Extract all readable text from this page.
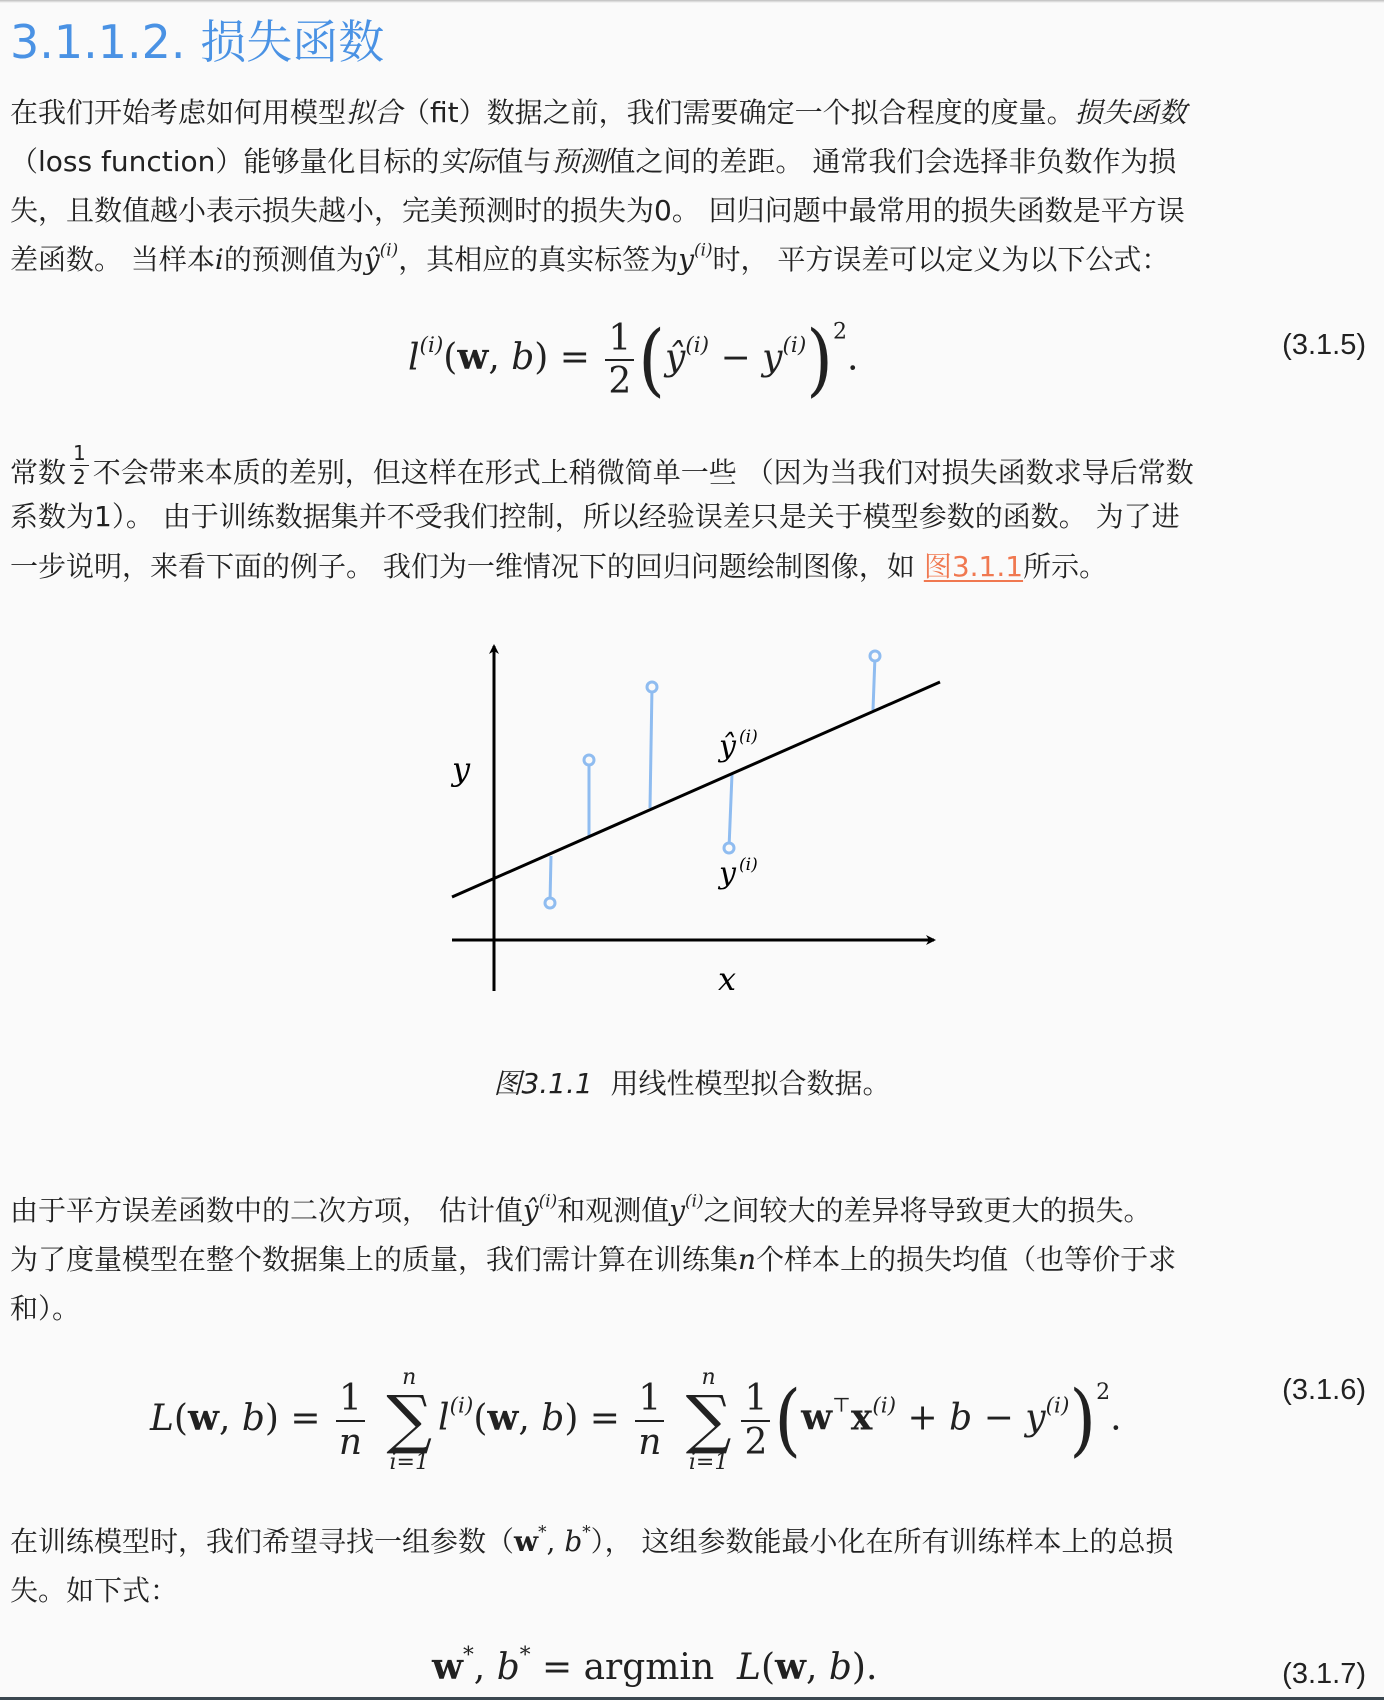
3.1.1.2. 损失函数
在我们开始考虑如何用模型拟合（fit）数据之前，我们需要确定一个拟合程度的度量。损失函数
（loss function）能够量化目标的实际值与预测值之间的差距。 通常我们会选择非负数作为损
失，且数值越小表示损失越小，完美预测时的损失为0。 回归问题中最常用的损失函数是平方误
差函数。 当样本i的预测值为$ŷ^{(i)}$，其相应的真实标签为$y^{(i)}$时， 平方误差可以定义为以下公式：
$l^{(i)}(w$, $b) = \frac{1}{2}$ $(ŷ^{(i)} - y^{(i)})^2$.	(3.1.5)
常数 $\frac{1}{2}$ 不会带来本质的差别，但这样在形式上稍微简单一些 （因为当我们对损失函数求导后常数
系数为1）。 由于训练数据集并不受我们控制，所以经验误差只是关于模型参数的函数。 为了进
一步说明，来看下面的例子。 我们为一维情况下的回归问题绘制图像，如 图3.1.1所示。
y
x
ŷ (i)
y (i)
图3.1.1 用线性模型拟合数据。
由于平方误差函数中的二次方项， 估计值$ŷ^{(i)}$和观测值$y^{(i)}$之间较大的差异将导致更大的损失。
为了度量模型在整个数据集上的质量，我们需计算在训练集n个样本上的损失均值（也等价于求
和）。
L(w, $b) = \frac{1}{n}$

n
∑
i=1
$l^{(i)}(w$, $b) = \frac{1}{n}$

n
∑
$i=1 \frac{1}{2} (w^⊤x^{(i)} + b - y^{(i)})^2$.
(3.1.6)
在训练模型时，我们希望寻找一组参数（w*, b*）， 这组参数能最小化在所有训练样本上的总损
失。如下式：
w*, b* = argmin  L(w, b).	(3.1.7)
